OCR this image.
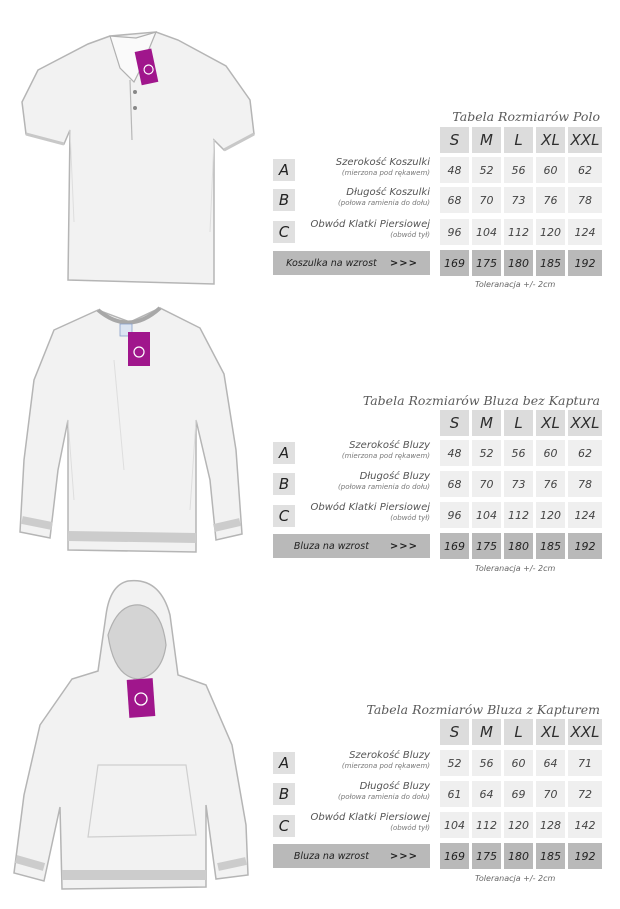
Tabela Rozmiarów Polo
S	M	L	XL XXL
A	Szerokość Koszulki
(mierzona pod rękawem)	48	52	56	60	62
B	Długość Koszulki
(połowa ramienia do dołu)	68	70	73	76	78
C	Obwód Klatki Piersiowej
(obwód tył)	96	104	112	120	124
Koszulka na wzrost	>>>	169	175	180	185	192
Toleranacja +/- 2cm
Tabela Rozmiarów Bluza bez Kaptura
S	M	L	XL XXL
A	Szerokość Bluzy
(mierzona pod rękawem)	48	52	56	60	62
B	Długość Bluzy
(połowa ramienia do dołu)	68	70	73	76	78
C	Obwód Klatki Piersiowej
(obwód tył)	96	104	112	120	124
Bluza na wzrost	>>>	169	175	180	185	192
Toleranacja +/- 2cm
Tabela Rozmiarów Bluza z Kapturem
S	M	L	XL XXL
A	Szerokość Bluzy
(mierzona pod rękawem)	52	56	60	64	71
B	Długość Bluzy
(połowa ramienia do dołu)	61	64	69	70	72
C	Obwód Klatki Piersiowej
(obwód tył)	104	112	120	128	142
Bluza na wzrost	>>>	169	175	180	185	192
Toleranacja +/- 2cm
